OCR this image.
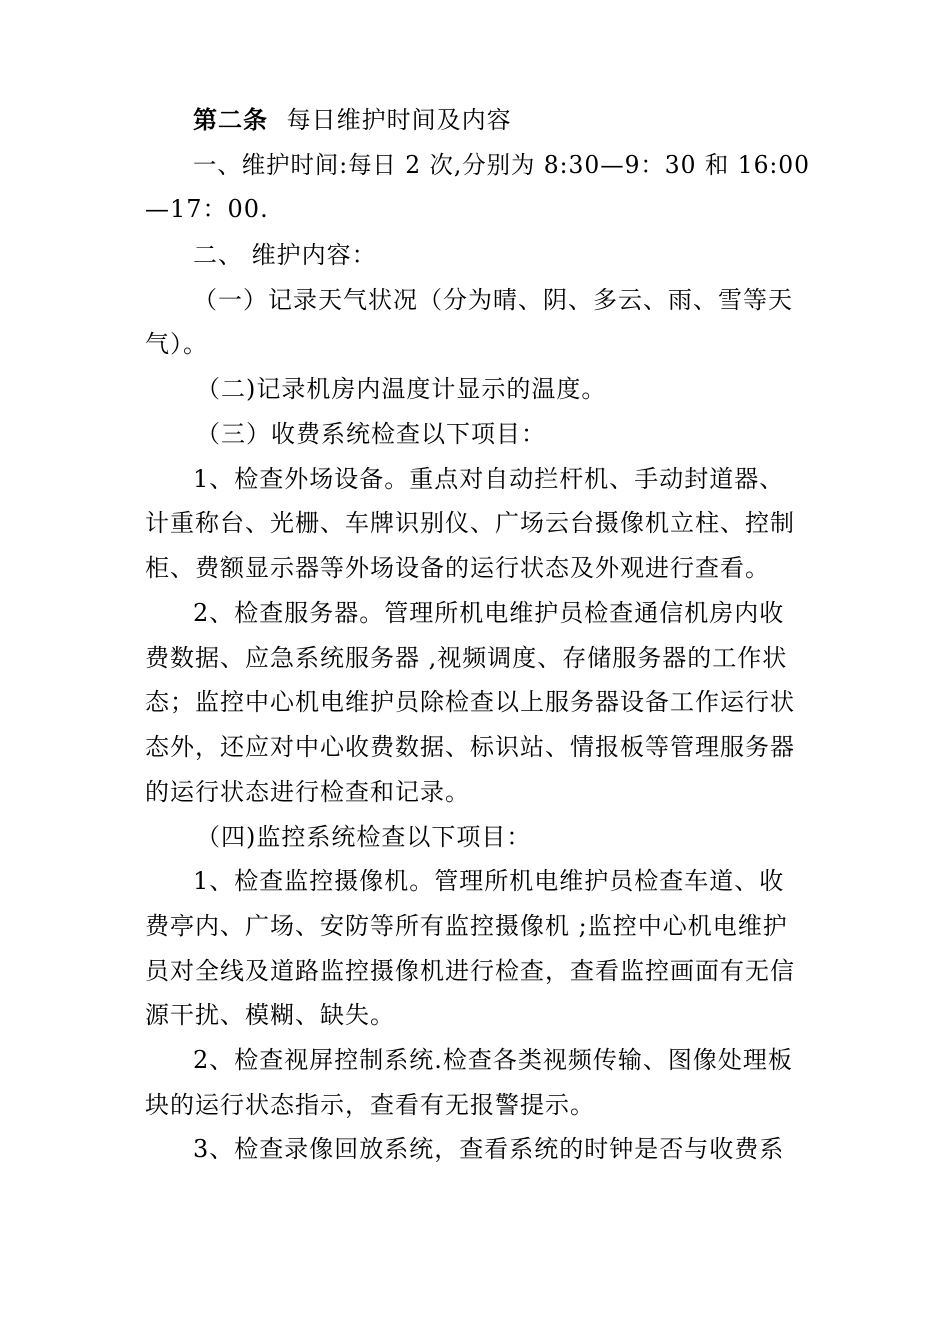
第二条 每日维护时间及内容
一、维护时间:每日 2 次,分别为 8:30—9：30 和 16:00
—17：00.
二、 维护内容：
（一）记录天气状况（分为晴、阴、多云、雨、雪等天
气）。
（二)记录机房内温度计显示的温度。
（三）收费系统检查以下项目：
1、检查外场设备。重点对自动拦杆机、手动封道器、
计重称台、光栅、车牌识别仪、广场云台摄像机立柱、控制
柜、费额显示器等外场设备的运行状态及外观进行查看。
2、检查服务器。管理所机电维护员检查通信机房内收
费数据、应急系统服务器 ,视频调度、存储服务器的工作状
态；监控中心机电维护员除检查以上服务器设备工作运行状
态外，还应对中心收费数据、标识站、情报板等管理服务器
的运行状态进行检查和记录。
（四)监控系统检查以下项目：
1、检查监控摄像机。管理所机电维护员检查车道、收
费亭内、广场、安防等所有监控摄像机 ;监控中心机电维护
员对全线及道路监控摄像机进行检查，查看监控画面有无信
源干扰、模糊、缺失。
2、检查视屏控制系统.检查各类视频传输、图像处理板
块的运行状态指示，查看有无报警提示。
3、检查录像回放系统，查看系统的时钟是否与收费系
